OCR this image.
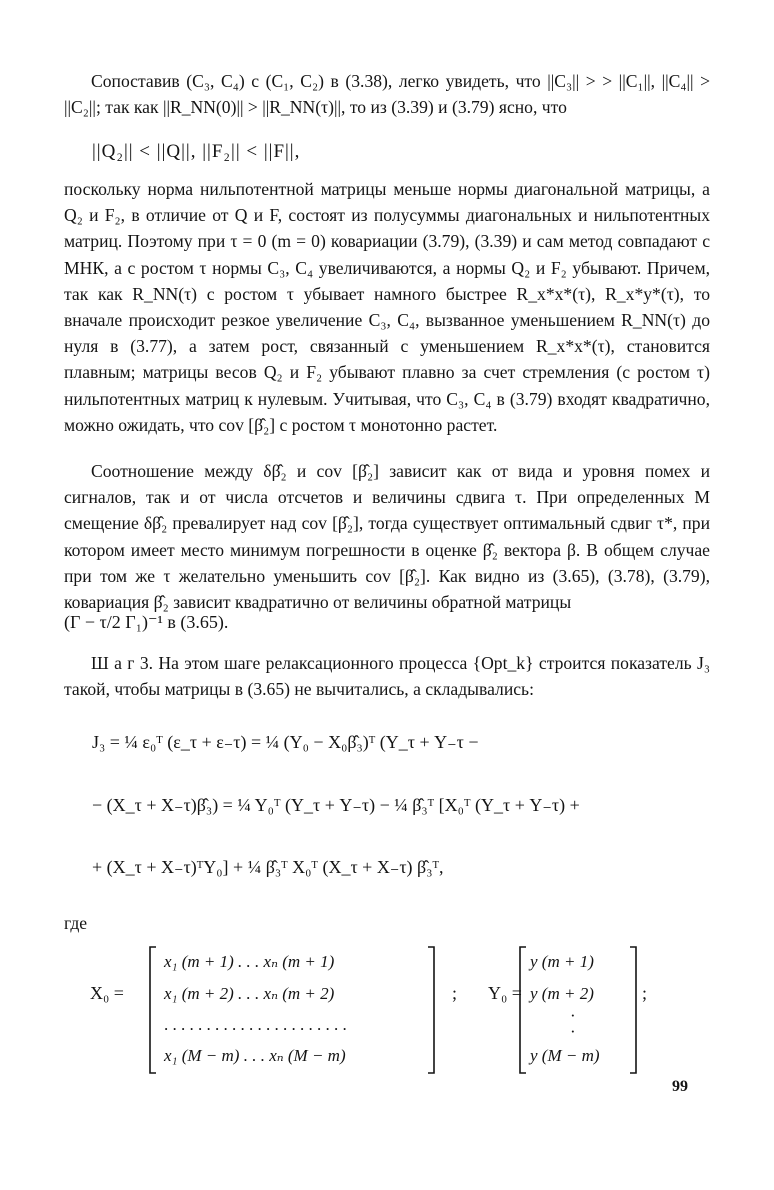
Сопоставив (C₃, C₄) с (C₁, C₂) в (3.38), легко увидеть, что ||C₃|| > > ||C₁||, ||C₄|| > ||C₂||; так как ||R_NN(0)|| > ||R_NN(τ)||, то из (3.39) и (3.79) ясно, что

||Q₂|| < ||Q||, ||F₂|| < ||F||,

поскольку норма нильпотентной матрицы меньше нормы диагональной матрицы, а Q₂ и F₂, в отличие от Q и F, состоят из полусуммы диагональных и нильпотентных матриц. Поэтому при τ = 0 (m = 0) ковариации (3.79), (3.39) и сам метод совпадают с МНК, а с ростом τ нормы C₃, C₄ увеличиваются, а нормы Q₂ и F₂ убывают. Причем, так как R_NN(τ) с ростом τ убывает намного быстрее R_x*x*(τ), R_x*y*(τ), то вначале происходит резкое увеличение C₃, C₄, вызванное уменьшением R_NN(τ) до нуля в (3.77), а затем рост, связанный с уменьшением R_x*x*(τ), становится плавным; матрицы весов Q₂ и F₂ убывают плавно за счет стремления (с ростом τ) нильпотентных матриц к нулевым. Учитывая, что C₃, C₄ в (3.79) входят квадратично, можно ожидать, что cov [β̂₂] с ростом τ монотонно растет.

Соотношение между δβ̂₂ и cov [β̂₂] зависит как от вида и уровня помех и сигналов, так и от числа отсчетов и величины сдвига τ. При определенных M смещение δβ̂₂ превалирует над cov [β̂₂], тогда существует оптимальный сдвиг τ*, при котором имеет место минимум погрешности в оценке β̂₂ вектора β. В общем случае при том же τ желательно уменьшить cov [β̂₂]. Как видно из (3.65), (3.78), (3.79), ковариация β̂₂ зависит квадратично от величины обратной матрицы

(Γ − τ/2 Γ₁)⁻¹ в (3.65).

Ш а г 3. На этом шаге релаксационного процесса {Opt_k} строится показатель J₃ такой, чтобы матрицы в (3.65) не вычитались, а складывались:

J₃ = ¼ ε₀ᵀ (ε_τ + ε₋τ) = ¼ (Y₀ − X₀β̂₃)ᵀ (Y_τ + Y₋τ −
− (X_τ + X₋τ)β̂₃) = ¼ Y₀ᵀ (Y_τ + Y₋τ) − ¼ β̂₃ᵀ [X₀ᵀ (Y_τ + Y₋τ) +
+ (X_τ + X₋τ)ᵀY₀] + ¼ β̂₃ᵀ X₀ᵀ (X_τ + X₋τ) β̂₃ᵀ,
где
X₀ =
x₁ (m + 1) . . . xₙ (m + 1)
x₁ (m + 2) . . . xₙ (m + 2)
. . . . . . . . . . . . . . . . . . . . . .
x₁ (M − m) . . . xₙ (M − m)
; Y₀ =
y (m + 1)
y (m + 2)
·
·
y (M − m)
;
99
